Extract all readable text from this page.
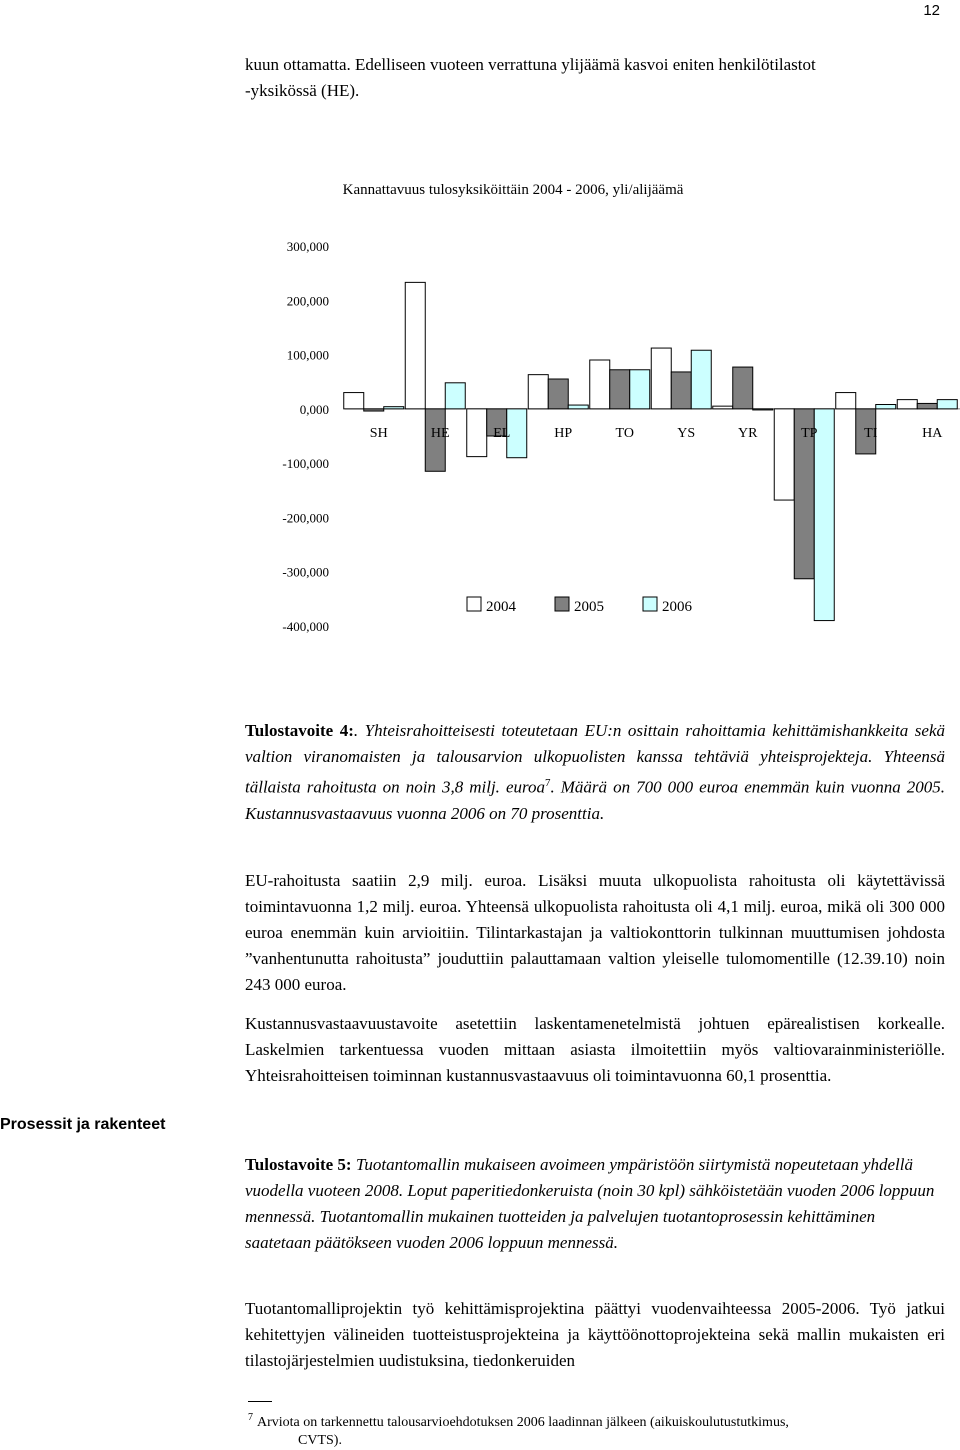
12
kuun ottamatta. Edelliseen vuoteen verrattuna ylijäämä kasvoi eniten henkilötilastot
-yksikössä (HE).
Kannattavuus tulosyksiköittäin 2004 - 2006, yli/alijäämä
300,000
200,000
100,000
0,000
-100,000
-200,000
-300,000
-400,000
SH	HE	EL	HP	TO	YS	YR	TP	TI	HA
2004	2005	2006
Prosessit ja rakenteet

Tulostavoite 4:. Yhteisrahoitteisesti toteutetaan EU:n osittain rahoittamia kehittämishankkeita sekä valtion viranomaisten ja talousarvion ulkopuolisten kanssa tehtäviä yhteisprojekteja. Yhteensä tällaista rahoitusta on noin 3,8 milj. euroa$^7$. Määrä on 700 000 euroa enemmän kuin vuonna 2005. Kustannusvastaavuus vuonna 2006 on 70 prosenttia.

EU-rahoitusta saatiin 2,9 milj. euroa. Lisäksi muuta ulkopuolista rahoitusta oli käytettävissä toimintavuonna 1,2 milj. euroa. Yhteensä ulkopuolista rahoitusta oli 4,1 milj. euroa, mikä oli 300 000 euroa enemmän kuin arvioitiin. Tilintarkastajan ja valtiokonttorin tulkinnan muuttumisen johdosta ”vanhentunutta rahoitusta” jouduttiin palauttamaan valtion yleiselle tulomomentille (12.39.10) noin 243 000 euroa.

Kustannusvastaavuustavoite asetettiin laskentamenetelmistä johtuen epärealistisen korkealle. Laskelmien tarkentuessa vuoden mittaan asiasta ilmoitettiin myös valtiovarainministeriölle. Yhteisrahoitteisen toiminnan kustannusvastaavuus oli toimintavuonna 60,1 prosenttia.

Tulostavoite 5: Tuotantomallin mukaiseen avoimeen ympäristöön siirtymistä nopeutetaan yhdellä vuodella vuoteen 2008. Loput paperitiedonkeruista (noin 30 kpl) sähköistetään vuoden 2006 loppuun mennessä. Tuotantomallin mukainen tuotteiden ja palvelujen tuotantoprosessin kehittäminen saatetaan päätökseen vuoden 2006 loppuun mennessä.

Tuotantomalliprojektin työ kehittämisprojektina päättyi vuodenvaihteessa 2005-2006. Työ jatkui kehitettyjen välineiden tuotteistusprojekteina ja käyttöönottoprojekteina sekä mallin mukaisten eri tilastojärjestelmien uudistuksina, tiedonkeruiden

$^7$ Arviota on tarkennettu talousarvioehdotuksen 2006 laadinnan jälkeen (aikuiskoulutustutkimus,
CVTS).
